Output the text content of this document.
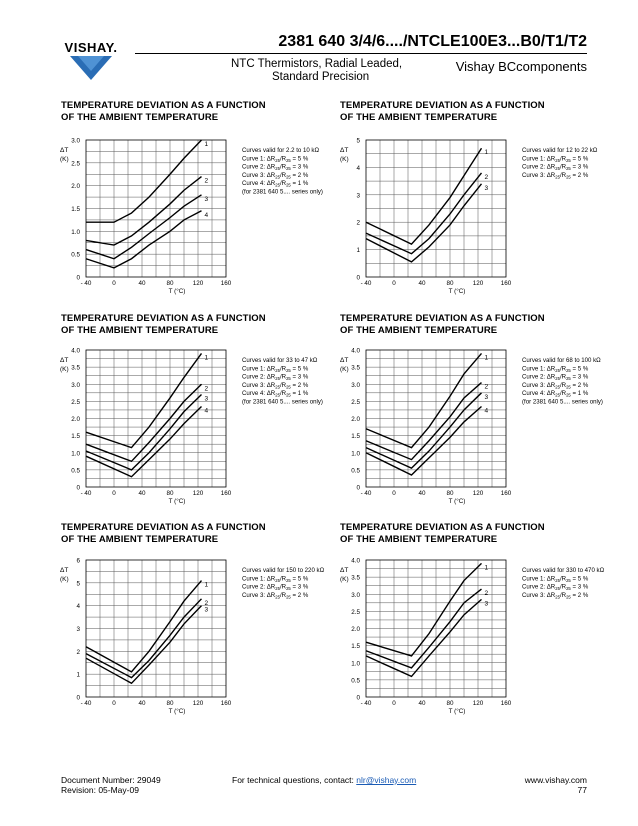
VISHAY.	2381 640 3/4/6..../NTCLE100E3...B0/T1/T2
NTC Thermistors, Radial Leaded,
Standard Precision
Vishay BCcomponents
TEMPERATURE DEVIATION AS A FUNCTION
OF THE AMBIENT TEMPERATURE
TEMPERATURE DEVIATION AS A FUNCTION
OF THE AMBIENT TEMPERATURE
TEMPERATURE DEVIATION AS A FUNCTION
OF THE AMBIENT TEMPERATURE
TEMPERATURE DEVIATION AS A FUNCTION
OF THE AMBIENT TEMPERATURE
TEMPERATURE DEVIATION AS A FUNCTION
OF THE AMBIENT TEMPERATURE
TEMPERATURE DEVIATION AS A FUNCTION
OF THE AMBIENT TEMPERATURE
0
0.5
1.0
1.5
2.0
2.5
3.0
- 40	0	40	80	120	160
ΔT
(K)
T (°C)
1
2
3
4
Curves valid for 2.2 to 10 kΩ
Curve 1: $\Delta R_{25}/R_{25} = 5$ %
Curve 2: $\Delta R_{25}/R_{25} = 3$ %
Curve 3: $\Delta R_{25}/R_{25} = 2$ %
Curve 4: $\Delta R_{25}/R_{25} = 1$ %
(for 2381 640 5.... series only)
0
1
2
3
4
5
- 40	0	40	80	120	160
ΔT
(K)
T (°C)
1
2
3
Curves valid for 12 to 22 kΩ
Curve 1: $\Delta R_{25}/R_{25} = 5$ %
Curve 2: $\Delta R_{25}/R_{25} = 3$ %
Curve 3: $\Delta R_{25}/R_{25} = 2$ %
0
0.5
1.0
1.5
2.0
2.5
3.0
3.5
4.0
- 40	0	40	80	120	160
ΔT
(K)
T (°C)
1
2
3
4
Curves valid for 33 to 47 kΩ
Curve 1: $\Delta R_{25}/R_{25} = 5$ %
Curve 2: $\Delta R_{25}/R_{25} = 3$ %
Curve 3: $\Delta R_{25}/R_{25} = 2$ %
Curve 4: $\Delta R_{25}/R_{25} = 1$ %
(for 2381 640 5.... series only)
0
0.5
1.0
1.5
2.0
2.5
3.0
3.5
4.0
- 40	0	40	80	120	160
ΔT
(K)
T (°C)
1
2
3
4
Curves valid for 68 to 100 kΩ
Curve 1: $\Delta R_{25}/R_{25} = 5$ %
Curve 2: $\Delta R_{25}/R_{25} = 3$ %
Curve 3: $\Delta R_{25}/R_{25} = 2$ %
Curve 4: $\Delta R_{25}/R_{25} = 1$ %
(for 2381 640 5.... series only)
0
1
2
3
4
5
6
- 40	0	40	80	120	160
ΔT
(K)
T (°C)
1
2
3
Curves valid for 150 to 220 kΩ
Curve 1: $\Delta R_{25}/R_{25} = 5$ %
Curve 2: $\Delta R_{25}/R_{25} = 3$ %
Curve 3: $\Delta R_{25}/R_{25} = 2$ %
0
0.5
1.0
1.5
2.0
2.5
3.0
3.5
4.0
- 40	0	40	80	120	160
ΔT
(K)
T (°C)
1
2
3
Curves valid for 330 to 470 kΩ
Curve 1: $\Delta R_{25}/R_{25} = 5$ %
Curve 2: $\Delta R_{25}/R_{25} = 3$ %
Curve 3: $\Delta R_{25}/R_{25} = 2$ %
Document Number: 29049
Revision: 05-May-09
For technical questions, contact: nlr@vishay.com	www.vishay.com
77
